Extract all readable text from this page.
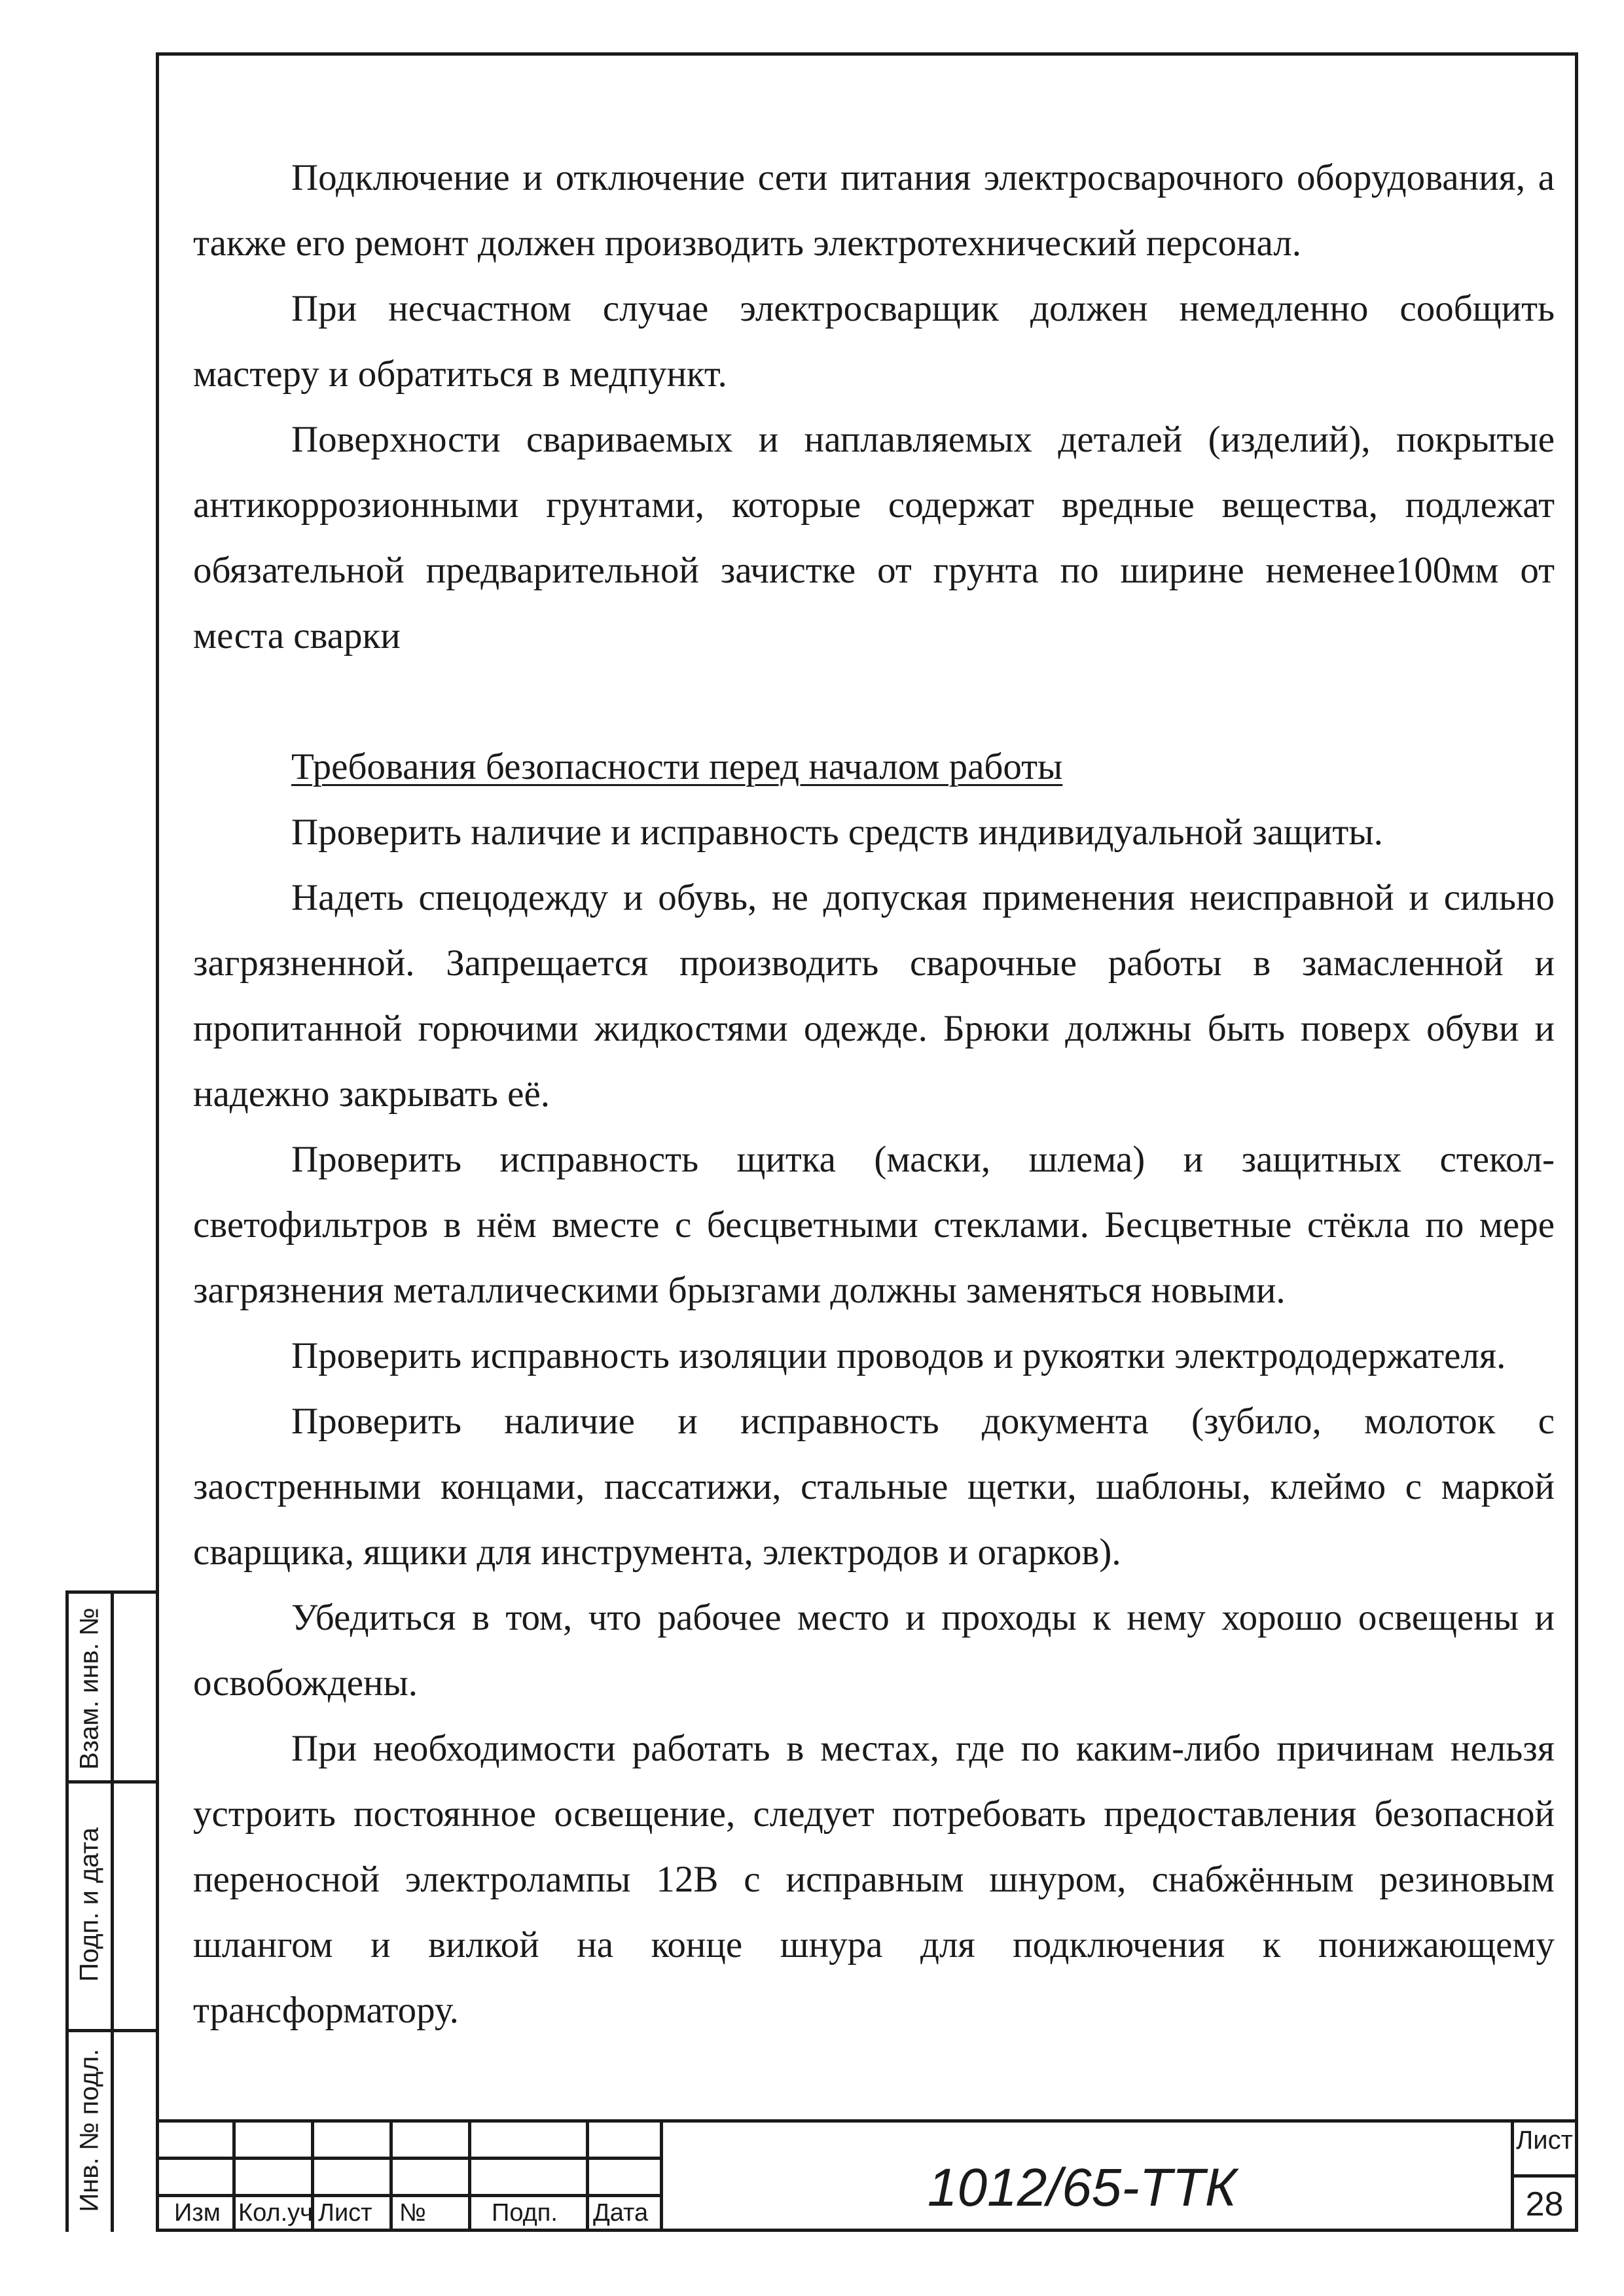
Подключение и отключение сети питания электросварочного оборудования, а также его ремонт должен производить электротехнический персонал.

При несчастном случае электросварщик должен немедленно сообщить мастеру и обратиться в медпункт.

Поверхности свариваемых и наплавляемых деталей (изделий), покрытые антикоррозионными грунтами, которые содержат вредные вещества, подлежат обязательной предварительной зачистке от грунта по ширине неменее100мм от места сварки

Требования безопасности перед началом работы

Проверить наличие и исправность средств индивидуальной защиты.

Надеть спецодежду и обувь, не допуская применения неисправной и сильно загрязненной. Запрещается производить сварочные работы в замасленной и пропитанной горючими жидкостями одежде. Брюки должны быть поверх обуви и надежно закрывать её.

Проверить исправность щитка (маски, шлема) и защитных стекол-светофильтров в нём вместе с бесцветными стеклами. Бесцветные стёкла по мере загрязнения металлическими брызгами должны заменяться новыми.

Проверить исправность изоляции проводов и рукоятки электрододержателя.

Проверить наличие и исправность документа (зубило, молоток с заостренными концами, пассатижи, стальные щетки, шаблоны, клеймо с маркой сварщика, ящики для инструмента, электродов и огарков).

Убедиться в том, что рабочее место и проходы к нему хорошо освещены и освобождены.

При необходимости работать в местах, где по каким-либо причинам нельзя устроить постоянное освещение, следует потребовать предоставления безопасной переносной электролампы 12В с исправным шнуром, снабжённым резиновым шлангом и вилкой на конце шнура для подключения к понижающему трансформатору.

Взам. инв. №
Подп. и дата
Инв. № подл.
Изм Кол.уч Лист №	Подп. Дата	1012/65-ТТК
Лист
28
